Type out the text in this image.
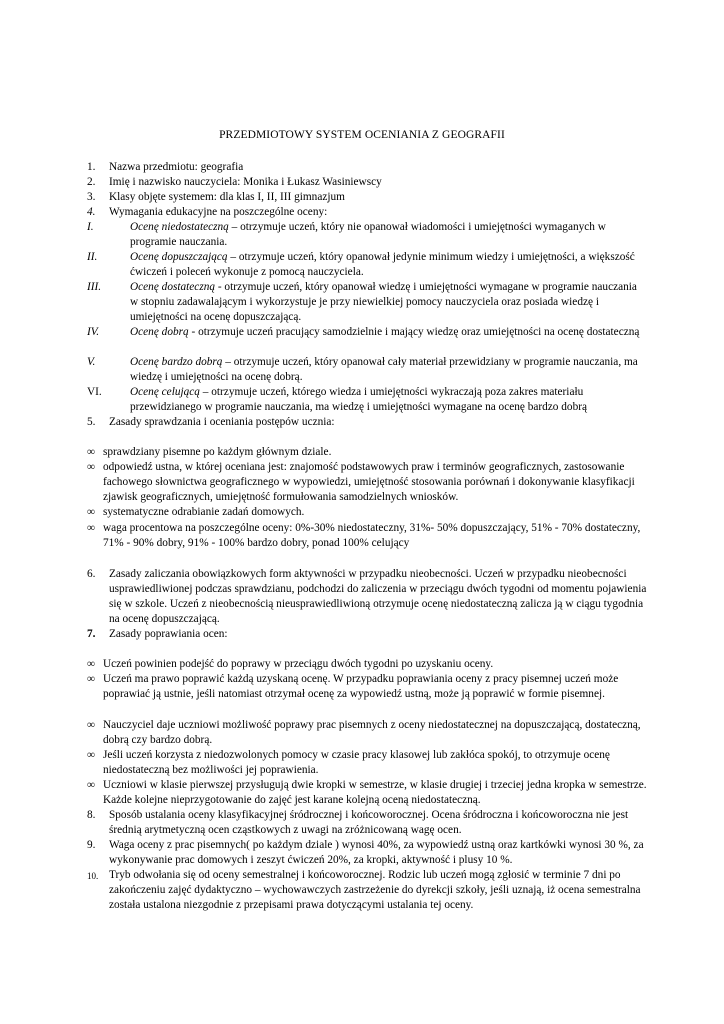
PRZEDMIOTOWY SYSTEM OCENIANIA Z GEOGRAFII
1. Nazwa przedmiotu: geografia
2. Imię i nazwisko nauczyciela: Monika i Łukasz Wasiniewscy
3. Klasy objęte systemem: dla klas I, II, III gimnazjum
4. Wymagania edukacyjne na poszczególne oceny:
I.	Ocenę niedostateczną – otrzymuje uczeń, który nie opanował wiadomości i umiejętności wymaganych w programie nauczania.
II.	Ocenę dopuszczającą – otrzymuje uczeń, który opanował jedynie minimum wiedzy i umiejętności, a większość ćwiczeń i poleceń wykonuje z pomocą nauczyciela.
III.	Ocenę dostateczną - otrzymuje uczeń, który opanował wiedzę i umiejętności wymagane w programie nauczania w stopniu zadawalającym i wykorzystuje je przy niewielkiej pomocy nauczyciela oraz posiada wiedzę i umiejętności na ocenę dopuszczającą.
IV.	Ocenę dobrą - otrzymuje uczeń pracujący samodzielnie i mający wiedzę oraz umiejętności na ocenę dostateczną
V.	Ocenę bardzo dobrą – otrzymuje uczeń, który opanował cały materiał przewidziany w programie nauczania, ma wiedzę i umiejętności na ocenę dobrą.
VI.	Ocenę celującą – otrzymuje uczeń, którego wiedza i umiejętności wykraczają poza zakres materiału przewidzianego w programie nauczania, ma wiedzę i umiejętności wymagane na ocenę bardzo dobrą
5. Zasady sprawdzania i oceniania postępów ucznia:
∞ sprawdziany pisemne po każdym głównym dziale.
∞ odpowiedź ustna, w której oceniana jest: znajomość podstawowych praw i terminów geograficznych, zastosowanie fachowego słownictwa geograficznego w wypowiedzi, umiejętność stosowania porównań i dokonywanie klasyfikacji zjawisk geograficznych, umiejętność formułowania samodzielnych wniosków.
∞ systematyczne odrabianie zadań domowych.
∞ waga procentowa na poszczególne oceny: 0%-30% niedostateczny, 31%- 50% dopuszczający, 51% - 70% dostateczny, 71% - 90% dobry, 91% - 100% bardzo dobry, ponad 100% celujący
6. Zasady zaliczania obowiązkowych form aktywności w przypadku nieobecności. Uczeń w przypadku nieobecności usprawiedliwionej podczas sprawdzianu, podchodzi do zaliczenia w przeciągu dwóch tygodni od momentu pojawienia się w szkole. Uczeń z nieobecnością nieusprawiedliwioną otrzymuje ocenę niedostateczną zalicza ją w ciągu tygodnia na ocenę dopuszczającą.
7. Zasady poprawiania ocen:
∞ Uczeń powinien podejść do poprawy w przeciągu dwóch tygodni po uzyskaniu oceny.
∞ Uczeń ma prawo poprawić każdą uzyskaną ocenę. W przypadku poprawiania oceny z pracy pisemnej uczeń może poprawiać ją ustnie, jeśli natomiast otrzymał ocenę za wypowiedź ustną, może ją poprawić w formie pisemnej.
∞ Nauczyciel daje uczniowi możliwość poprawy prac pisemnych z oceny niedostatecznej na dopuszczającą, dostateczną, dobrą czy bardzo dobrą.
∞ Jeśli uczeń korzysta z niedozwolonych pomocy w czasie pracy klasowej lub zakłóca spokój, to otrzymuje ocenę niedostateczną bez możliwości jej poprawienia.
∞ Uczniowi w klasie pierwszej przysługują dwie kropki w semestrze, w klasie drugiej i trzeciej jedna kropka w semestrze. Każde kolejne nieprzygotowanie do zajęć jest karane kolejną oceną niedostateczną.
8. Sposób ustalania oceny klasyfikacyjnej śródrocznej i końcoworocznej. Ocena śródroczna i końcoworoczna nie jest średnią arytmetyczną ocen cząstkowych z uwagi na zróżnicowaną wagę ocen.
9. Waga oceny z prac pisemnych( po każdym dziale ) wynosi 40%, za wypowiedź ustną oraz kartkówki wynosi 30 %, za wykonywanie prac domowych i zeszyt ćwiczeń 20%, za kropki, aktywność i plusy 10 %.
10. Tryb odwołania się od oceny semestralnej i końcoworocznej. Rodzic lub uczeń mogą zgłosić w terminie 7 dni po zakończeniu zajęć dydaktyczno – wychowawczych zastrzeżenie do dyrekcji szkoły, jeśli uznają, iż ocena semestralna została ustalona niezgodnie z przepisami prawa dotyczącymi ustalania tej oceny.
